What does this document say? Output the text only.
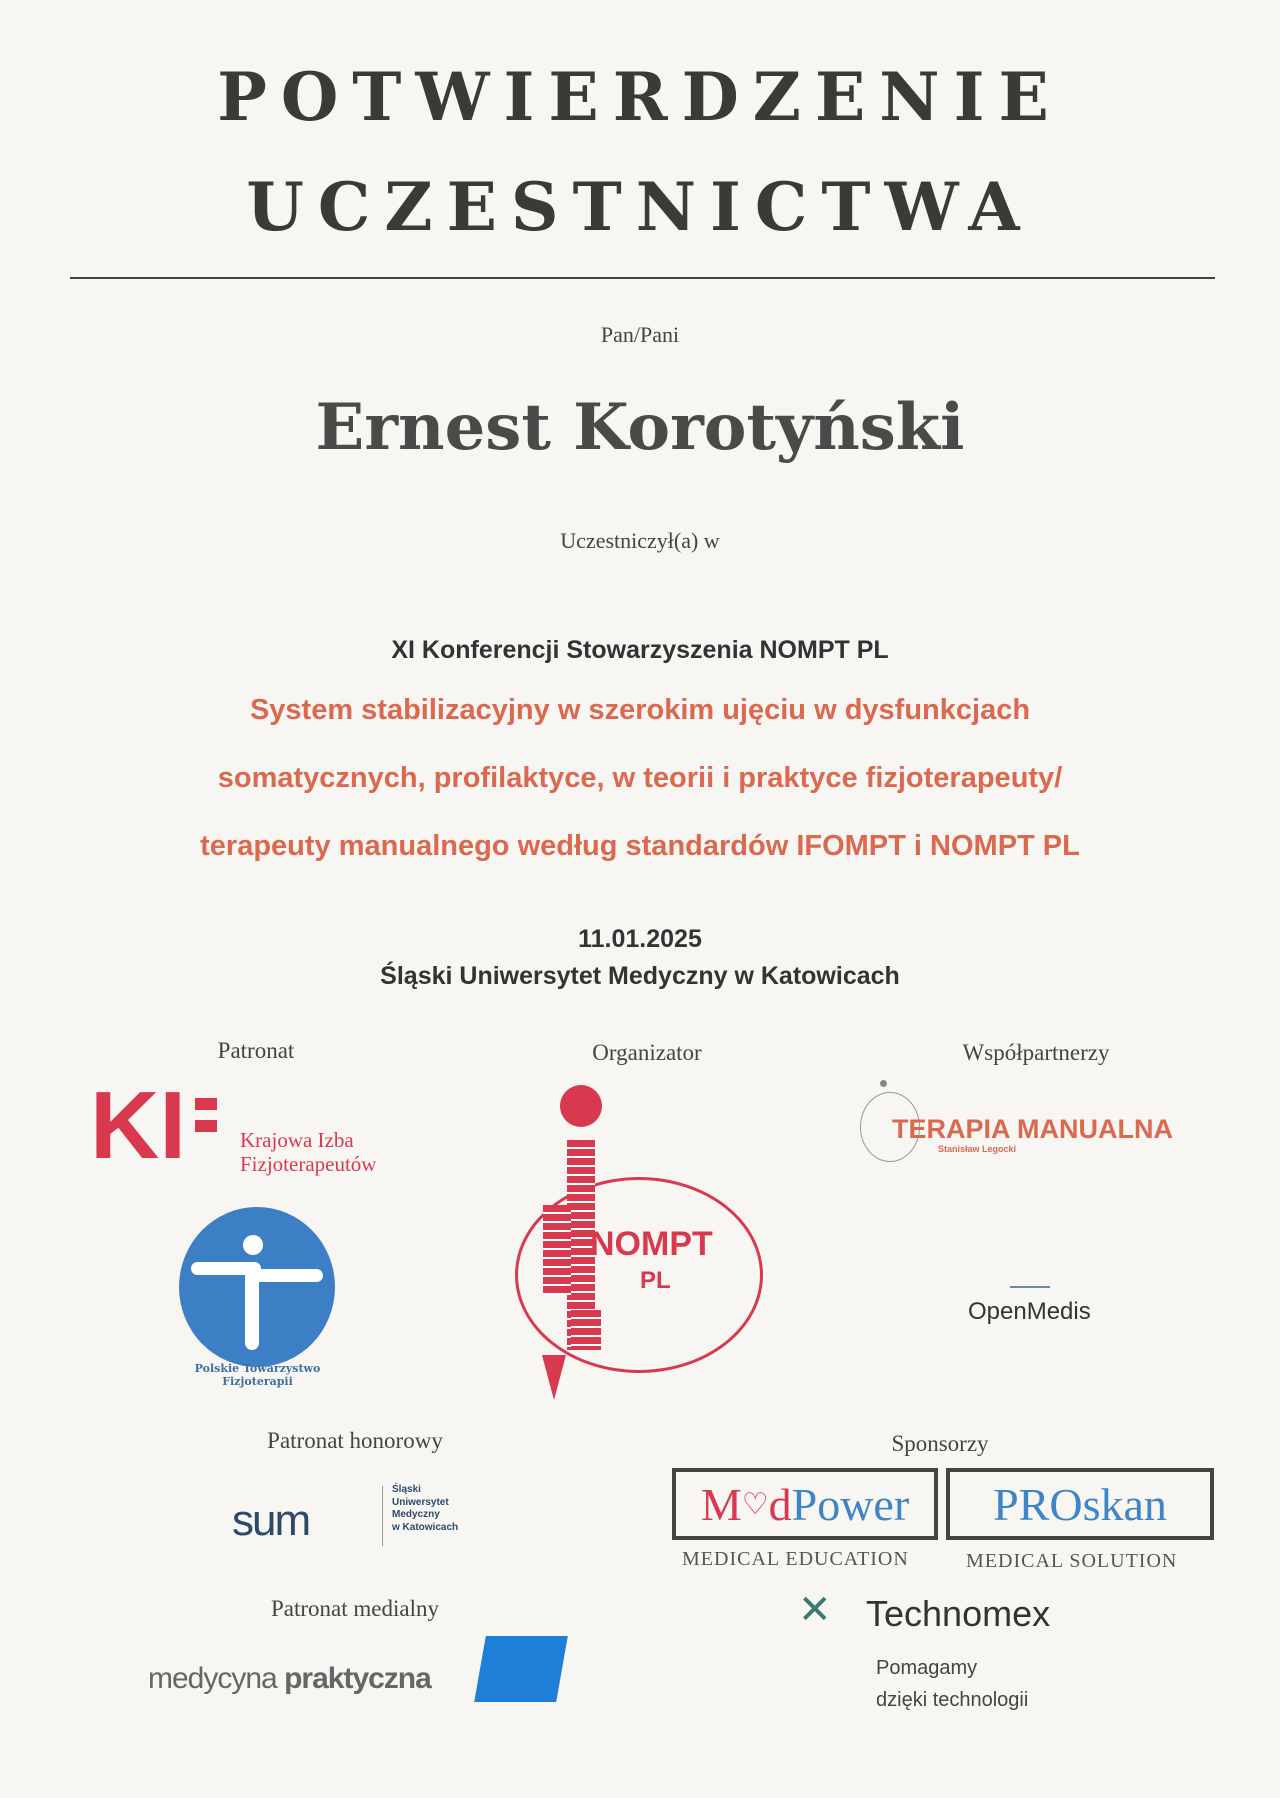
POTWIERDZENIE
UCZESTNICTWA
Pan/Pani
Ernest Korotyński
Uczestniczył(a) w
XI Konferencji Stowarzyszenia NOMPT PL
System stabilizacyjny w szerokim ujęciu w dysfunkcjach
somatycznych, profilaktyce, w teorii i praktyce fizjoterapeuty/
terapeuty manualnego według standardów IFOMPT i NOMPT PL
11.01.2025
Śląski Uniwersytet Medyczny w Katowicach
Patronat	Organizator	Współpartnerzy
KI	Krajowa Izba
Fizjoterapeutów
Polskie Towarzystwo
Fizjoterapii
NOMPT
PL
TERAPIA MANUALNA
Stanisław Legocki
OpenMedis
Patronat honorowy	Sponsorzy
sum
Śląski
Uniwersytet
Medyczny
w Katowicach	M ♡ d Power	PROskan
MEDICAL EDUCATION	MEDICAL SOLUTION
Patronat medialny
medycyna praktyczna
✕ Technomex
Pomagamy
dzięki technologii
